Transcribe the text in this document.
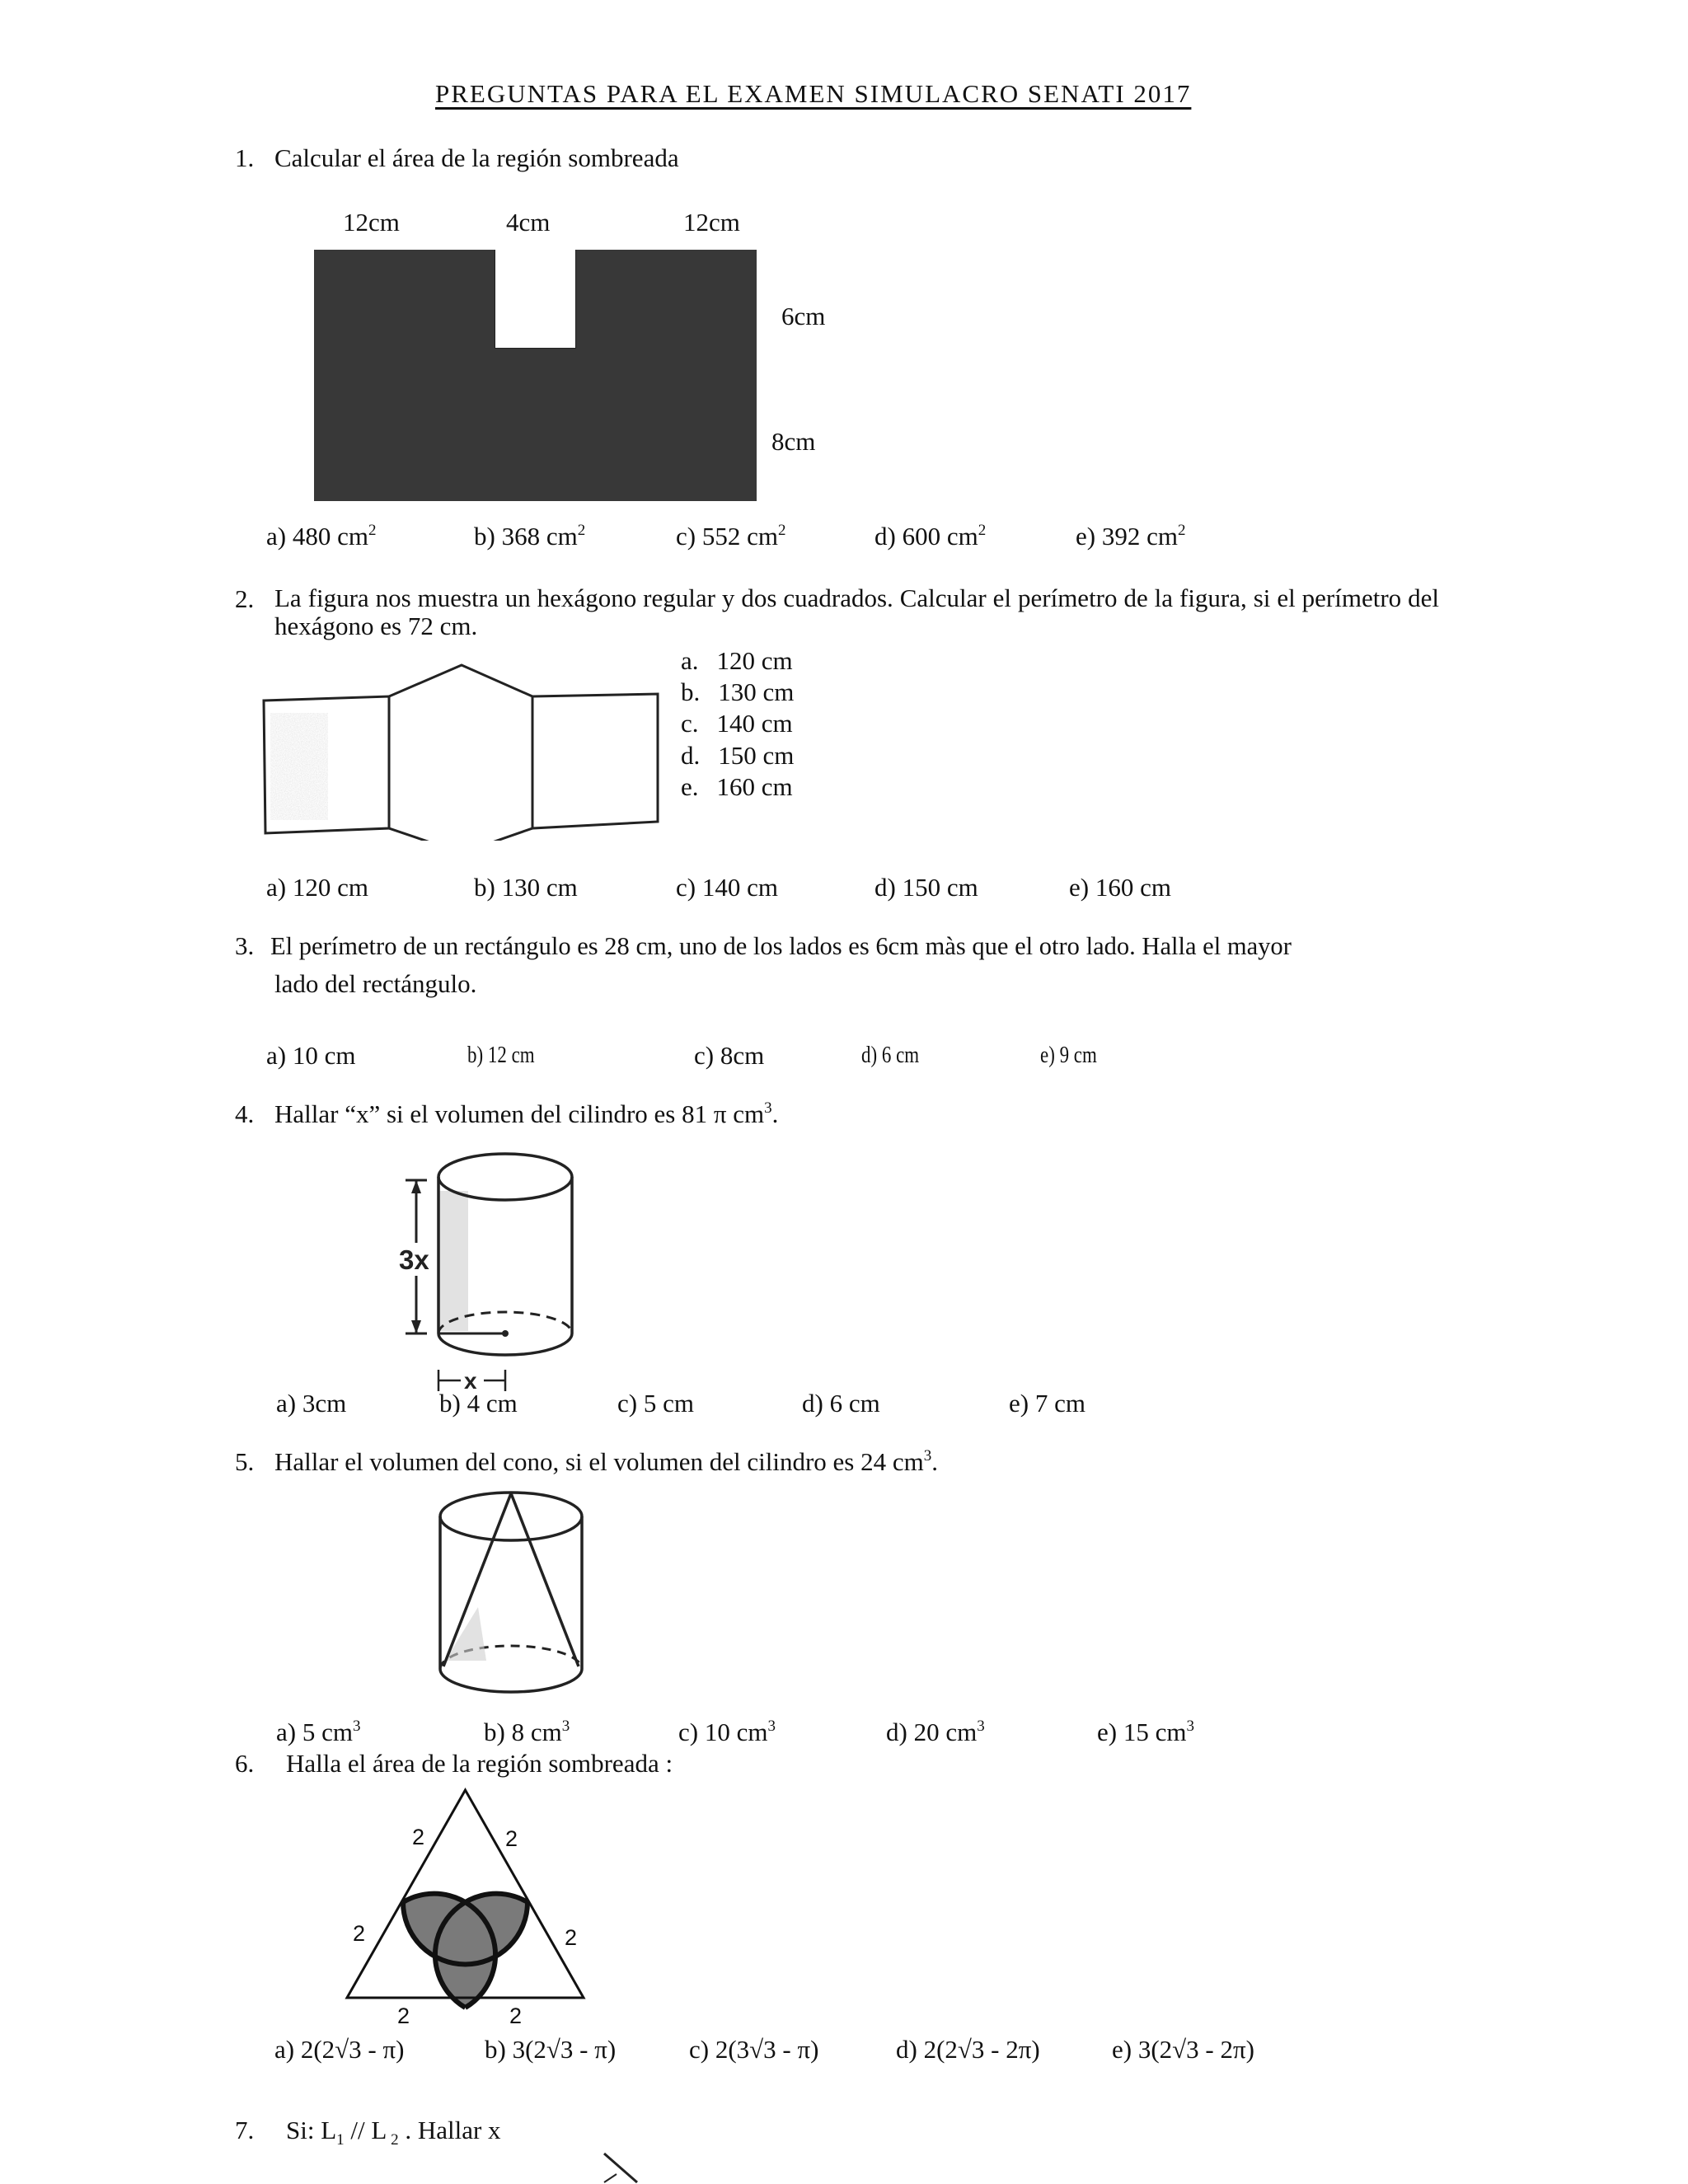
PREGUNTAS PARA EL EXAMEN SIMULACRO SENATI 2017
1. Calcular el área de la región sombreada
12cm	4cm	12cm
6cm
8cm
a) 480 $cm^2$	b) 368 $cm^2$	c) 552 $cm^2$	d) 600 $cm^2$	e) 392 $cm^2$
2. La figura nos muestra un hexágono regular y dos cuadrados. Calcular el perímetro de la figura, si el perímetro del hexágono es 72 cm.
a. 120 cm
b. 130 cm
c. 140 cm
d. 150 cm
e. 160 cm
a) 120 cm	b) 130 cm	c) 140 cm	d) 150 cm	e) 160 cm
3. El perímetro de un rectángulo es 28 cm, uno de los lados es 6cm màs que el otro lado. Halla el mayor
lado del rectángulo.
a) 10 cm	b) 12 cm	c) 8cm	d) 6 cm	e) 9 cm
4. Hallar “x” si el volumen del cilindro es 81 π $cm^3$.
3x
x
a) 3cm	b) 4 cm	c) 5 cm	d) 6 cm	e) 7 cm
5. Hallar el volumen del cono, si el volumen del cilindro es 24 $cm^3$.
a) 5 $cm^3$	b) 8 $cm^3$	c) 10 $cm^3$	d) 20 $cm^3$	e) 15 $cm^3$
6. Halla el área de la región sombreada :
2	2
2	2
2	2
a) 2(2√3 - π)	b) 3(2√3 - π)	c) 2(3√3 - π)	d) 2(2√3 - 2π)	e) 3(2√3 - 2π)
7. Si: $L_1$ // L $_2$ . Hallar x
